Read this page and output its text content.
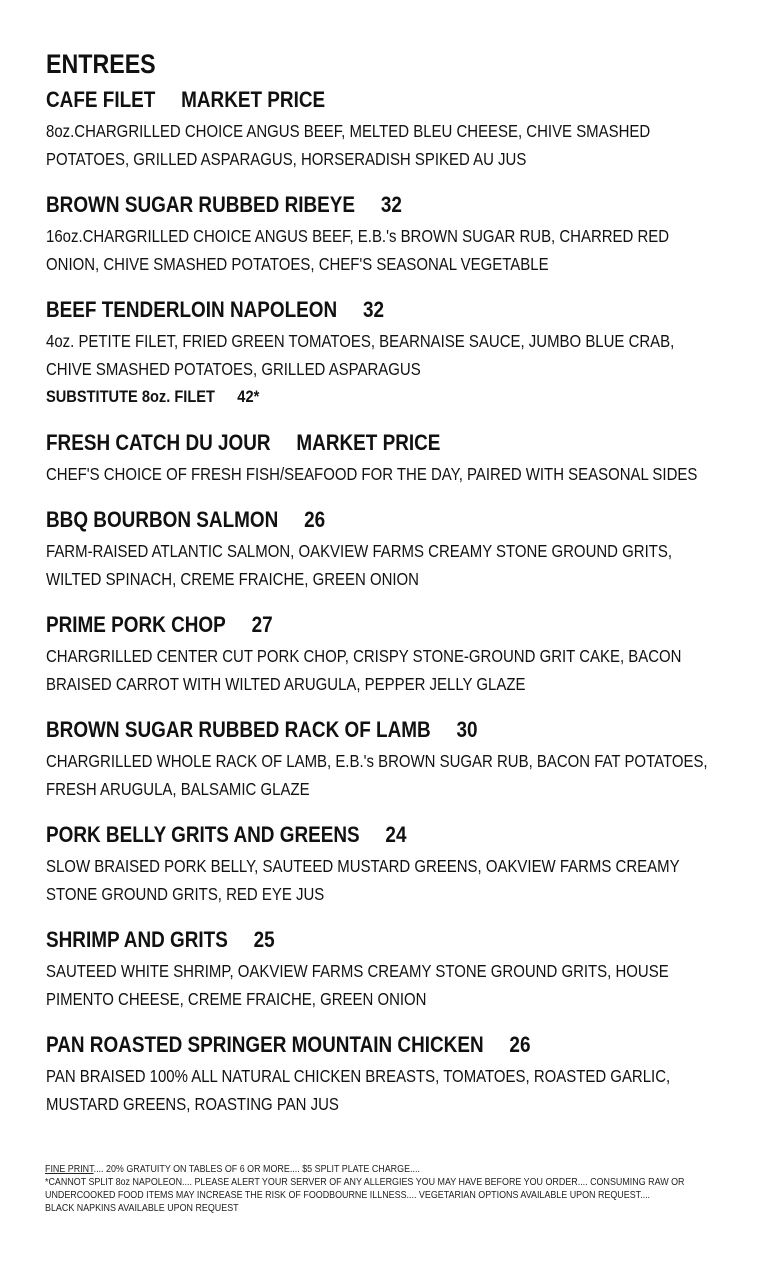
ENTREES
CAFE FILET MARKET PRICE
8oz.CHARGRILLED CHOICE ANGUS BEEF, MELTED BLEU CHEESE, CHIVE SMASHED POTATOES, GRILLED ASPARAGUS, HORSERADISH SPIKED AU JUS
BROWN SUGAR RUBBED RIBEYE 32
16oz.CHARGRILLED CHOICE ANGUS BEEF, E.B.'s BROWN SUGAR RUB, CHARRED RED ONION, CHIVE SMASHED POTATOES, CHEF'S SEASONAL VEGETABLE
BEEF TENDERLOIN NAPOLEON 32
4oz. PETITE FILET, FRIED GREEN TOMATOES, BEARNAISE SAUCE, JUMBO BLUE CRAB, CHIVE SMASHED POTATOES, GRILLED ASPARAGUS
SUBSTITUTE 8oz. FILET 42*
FRESH CATCH DU JOUR MARKET PRICE
CHEF'S CHOICE OF FRESH FISH/SEAFOOD FOR THE DAY, PAIRED WITH SEASONAL SIDES
BBQ BOURBON SALMON 26
FARM-RAISED ATLANTIC SALMON, OAKVIEW FARMS CREAMY STONE GROUND GRITS, WILTED SPINACH, CREME FRAICHE, GREEN ONION
PRIME PORK CHOP 27
CHARGRILLED CENTER CUT PORK CHOP, CRISPY STONE-GROUND GRIT CAKE, BACON BRAISED CARROT WITH WILTED ARUGULA, PEPPER JELLY GLAZE
BROWN SUGAR RUBBED RACK OF LAMB 30
CHARGRILLED WHOLE RACK OF LAMB, E.B.'s BROWN SUGAR RUB, BACON FAT POTATOES, FRESH ARUGULA, BALSAMIC GLAZE
PORK BELLY GRITS AND GREENS 24
SLOW BRAISED PORK BELLY, SAUTEED MUSTARD GREENS, OAKVIEW FARMS CREAMY STONE GROUND GRITS, RED EYE JUS
SHRIMP AND GRITS 25
SAUTEED WHITE SHRIMP, OAKVIEW FARMS CREAMY STONE GROUND GRITS, HOUSE PIMENTO CHEESE, CREME FRAICHE, GREEN ONION
PAN ROASTED SPRINGER MOUNTAIN CHICKEN 26
PAN BRAISED 100% ALL NATURAL CHICKEN BREASTS, TOMATOES, ROASTED GARLIC, MUSTARD GREENS, ROASTING PAN JUS
FINE PRINT.... 20% GRATUITY ON TABLES OF 6 OR MORE.... $5 SPLIT PLATE CHARGE....
*CANNOT SPLIT 8oz NAPOLEON.... PLEASE ALERT YOUR SERVER OF ANY ALLERGIES YOU MAY HAVE BEFORE YOU ORDER.... CONSUMING RAW OR
UNDERCOOKED FOOD ITEMS MAY INCREASE THE RISK OF FOODBOURNE ILLNESS.... VEGETARIAN OPTIONS AVAILABLE UPON REQUEST....
BLACK NAPKINS AVAILABLE UPON REQUEST
